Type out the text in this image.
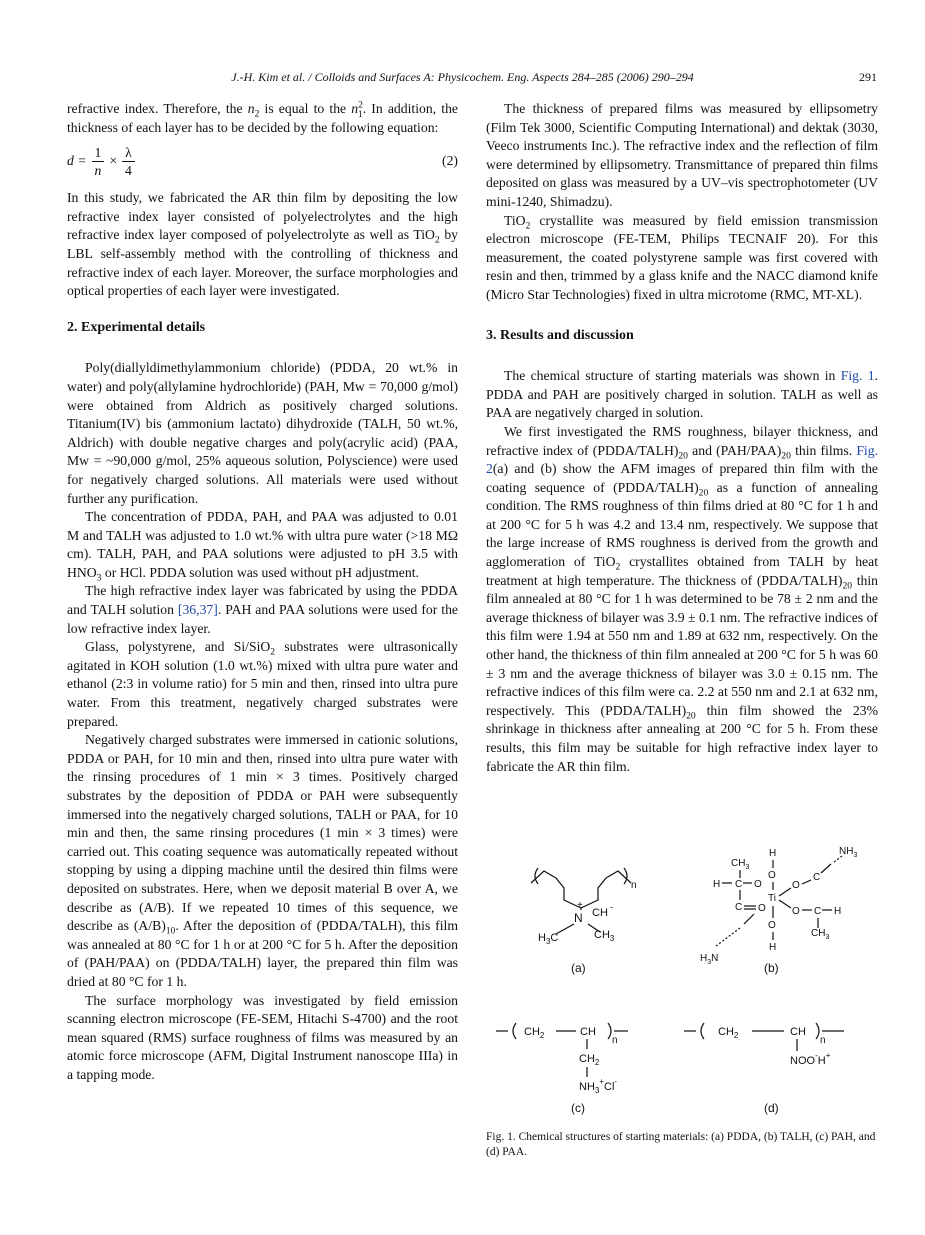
J.-H. Kim et al. / Colloids and Surfaces A: Physicochem. Eng. Aspects 284–285 (2006) 290–294	291

refractive index. Therefore, the $n_2$ is equal to the $n^2_1$. In addition, the thickness of each layer has to be decided by the following equation:

$d = \frac{1}{n} \times \frac{\lambda}{4}$	(2)

In this study, we fabricated the AR thin film by depositing the low refractive index layer consisted of polyelectrolytes and the high refractive index layer composed of polyelectrolyte as well as TiO$_2$ by LBL self-assembly method with the controlling of thickness and refractive index of each layer. Moreover, the surface morphologies and optical properties of each layer were investigated.

2. Experimental details

Poly(diallyldimethylammonium chloride) (PDDA, 20 wt.% in water) and poly(allylamine hydrochloride) (PAH, Mw = 70,000 g/mol) were obtained from Aldrich as positively charged solutions. Titanium(IV) bis (ammonium lactato) dihydroxide (TALH, 50 wt.%, Aldrich) with double negative charges and poly(acrylic acid) (PAA, Mw = ~90,000 g/mol, 25% aqueous solution, Polyscience) were used for negatively charged solutions. All materials were used without further any purification.

The concentration of PDDA, PAH, and PAA was adjusted to 0.01 M and TALH was adjusted to 1.0 wt.% with ultra pure water (>18 MΩ cm). TALH, PAH, and PAA solutions were adjusted to pH 3.5 with $HNO_3$ or HCl. PDDA solution was used without pH adjustment.

The high refractive index layer was fabricated by using the PDDA and TALH solution [36,37]. PAH and PAA solutions were used for the low refractive index layer.

Glass, polystyrene, and Si/SiO$_2$ substrates were ultrasonically agitated in KOH solution (1.0 wt.%) mixed with ultra pure water and ethanol (2:3 in volume ratio) for 5 min and then, rinsed into ultra pure water. From this treatment, negatively charged substrates were prepared.

Negatively charged substrates were immersed in cationic solutions, PDDA or PAH, for 10 min and then, rinsed into ultra pure water with the rinsing procedures of 1 min × 3 times. Positively charged substrates by the deposition of PDDA or PAH were subsequently immersed into the negatively charged solutions, TALH or PAA, for 10 min and then, the same rinsing procedures (1 min × 3 times) were carried out. This coating sequence was automatically repeated without stopping by using a dipping machine until the desired thin films were deposited on substrates. Here, when we deposit material B over A, we describe as (A/B). If we repeated 10 times of this sequence, we describe as $(A/B)_{10}$. After the deposition of (PDDA/TALH), this film was annealed at 80 °C for 1 h or at 200 °C for 5 h. After the deposition of (PAH/PAA) on (PDDA/TALH) layer, the prepared thin film was dried at 80 °C for 1 h.

The surface morphology was investigated by field emission scanning electron microscope (FE-SEM, Hitachi S-4700) and the root mean squared (RMS) surface roughness of films was measured by an atomic force microscope (AFM, Digital Instrument nanoscope IIIa) in a tapping mode.

The thickness of prepared films was measured by ellipsometry (Film Tek 3000, Scientific Computing International) and dektak (3030, Veeco instruments Inc.). The refractive index and the reflection of film were determined by ellipsometry. Transmittance of prepared thin films deposited on glass was measured by a UV–vis spectrophotometer (UV mini-1240, Shimadzu).

TiO$_2$ crystallite was measured by field emission transmission electron microscope (FE-TEM, Philips TECNAIF 20). For this measurement, the coated polystyrene sample was first covered with resin and then, trimmed by a glass knife and the NACC diamond knife (Micro Star Technologies) fixed in ultra microtome (RMC, MT-XL).

3. Results and discussion

The chemical structure of starting materials was shown in Fig. 1. PDDA and PAH are positively charged in solution. TALH as well as PAA are negatively charged in solution.

We first investigated the RMS roughness, bilayer thickness, and refractive index of $(PDDA/TALH)_{20}$ and $(PAH/PAA)_{20}$ thin films. Fig. 2(a) and (b) show the AFM images of prepared thin film with the coating sequence of $(PDDA/TALH)_{20}$ as a function of annealing condition. The RMS roughness of thin films dried at 80 °C for 1 h and at 200 °C for 5 h was 4.2 and 13.4 nm, respectively. We suppose that the large increase of RMS roughness is derived from the growth and agglomeration of TiO$_2$ crystallites obtained from TALH by heat treatment at high temperature. The thickness of $(PDDA/TALH)_{20}$ thin film annealed at 80 °C for 1 h was determined to be 78 ± 2 nm and the average thickness of bilayer was 3.9 ± 0.1 nm. The refractive indices of this film were 1.94 at 550 nm and 1.89 at 632 nm, respectively. On the other hand, the thickness of thin film annealed at 200 °C for 5 h was 60 ± 3 nm and the average thickness of bilayer was 3.0 ± 0.15 nm. The refractive indices of this film were ca. 2.2 at 550 nm and 2.1 at 632 nm, respectively. This $(PDDA/TALH)_{20}$ thin film showed the 23% shrinkage in thickness after annealing at 200 °C for 5 h. From these results, this film may be suitable for high refractive index layer to fabricate the AR thin film.

N
+
CH -
$H_3C$	$CH_3$
n
(a)
$CH_3$
H C O
C O
H
O
Ti
O
O
O
H
C
C H
$CH_3$
$NH_3$
$H_3N$
(b)
$CH_2$	CH
n
$CH_2$
$NH_3^+Cl^-$
(c)
$CH_2$	CH
n
NOO-H+
(d)
Fig. 1. Chemical structures of starting materials: (a) PDDA, (b) TALH, (c) PAH, and (d) PAA.
